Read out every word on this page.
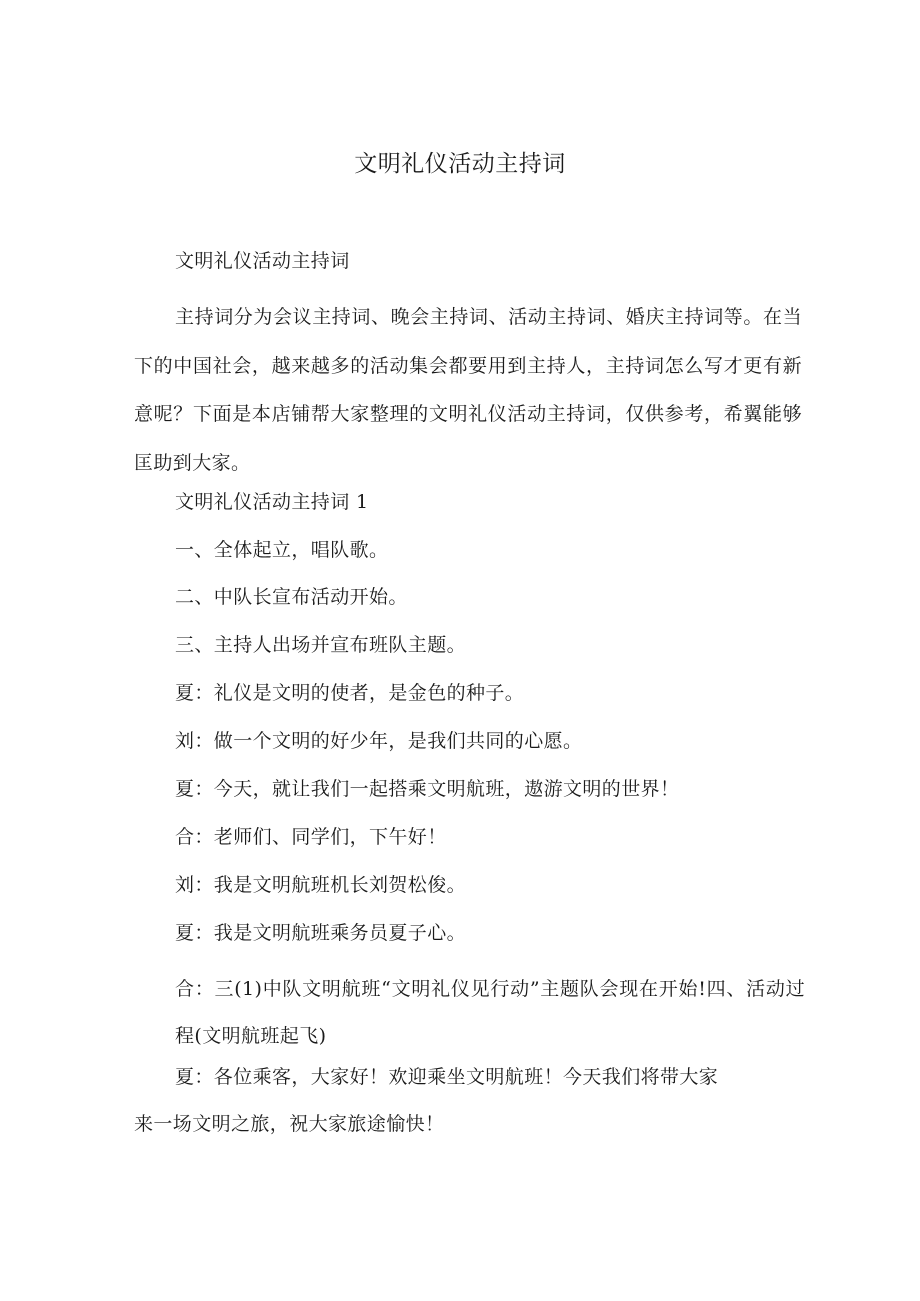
文明礼仪活动主持词
文明礼仪活动主持词
主持词分为会议主持词、晚会主持词、活动主持词、婚庆主持词等。在当下的中国社会，越来越多的活动集会都要用到主持人，主持词怎么写才更有新意呢？下面是本店铺帮大家整理的文明礼仪活动主持词，仅供参考，希翼能够匡助到大家。
文明礼仪活动主持词 1
一、全体起立，唱队歌。
二、中队长宣布活动开始。
三、主持人出场并宣布班队主题。
夏：礼仪是文明的使者，是金色的种子。
刘：做一个文明的好少年，是我们共同的心愿。
夏：今天，就让我们一起搭乘文明航班，遨游文明的世界！
合：老师们、同学们，下午好！
刘：我是文明航班机长刘贺松俊。
夏：我是文明航班乘务员夏子心。
合：三(1)中队文明航班“文明礼仪见行动”主题队会现在开始!四、活动过程(文明航班起飞)
夏：各位乘客，大家好！欢迎乘坐文明航班！今天我们将带大家
来一场文明之旅，祝大家旅途愉快！
